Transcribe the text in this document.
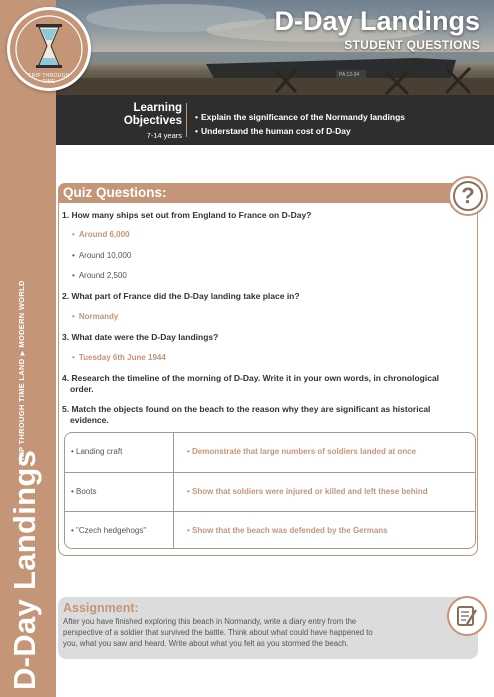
TRIP THROUGH TIME LAND▶MODERN WORLD
D-Day Landings
PA 12-34
D-Day Landings
STUDENT QUESTIONS
TRIP THROUGH TIME
Learning
Objectives
7-14 years
• Explain the significance of the Normandy landings
• Understand the human cost of D-Day
Quiz Questions:	?
1. How many ships set out from England to France on D-Day?
• Around 6,000
• Around 10,000
• Around 2,500
2. What part of France did the D-Day landing take place in?
• Normandy
3. What date were the D-Day landings?
• Tuesday 6th June 1944
4. Research the timeline of the morning of D-Day. Write it in your own words, in chronological
order.
5. Match the objects found on the beach to the reason why they are significant as historical
evidence.
• Landing craft	• Demonstrate that large numbers of soldiers landed at once
• Boots	• Show that soldiers were injured or killed and left these behind
• "Czech hedgehogs"	• Show that the beach was defended by the Germans
Assignment:
After you have finished exploring this beach in Normandy, write a diary entry from the
perspective of a soldier that survived the battle. Think about what could have happened to
you, what you saw and heard. Write about what you felt as you stormed the beach.
